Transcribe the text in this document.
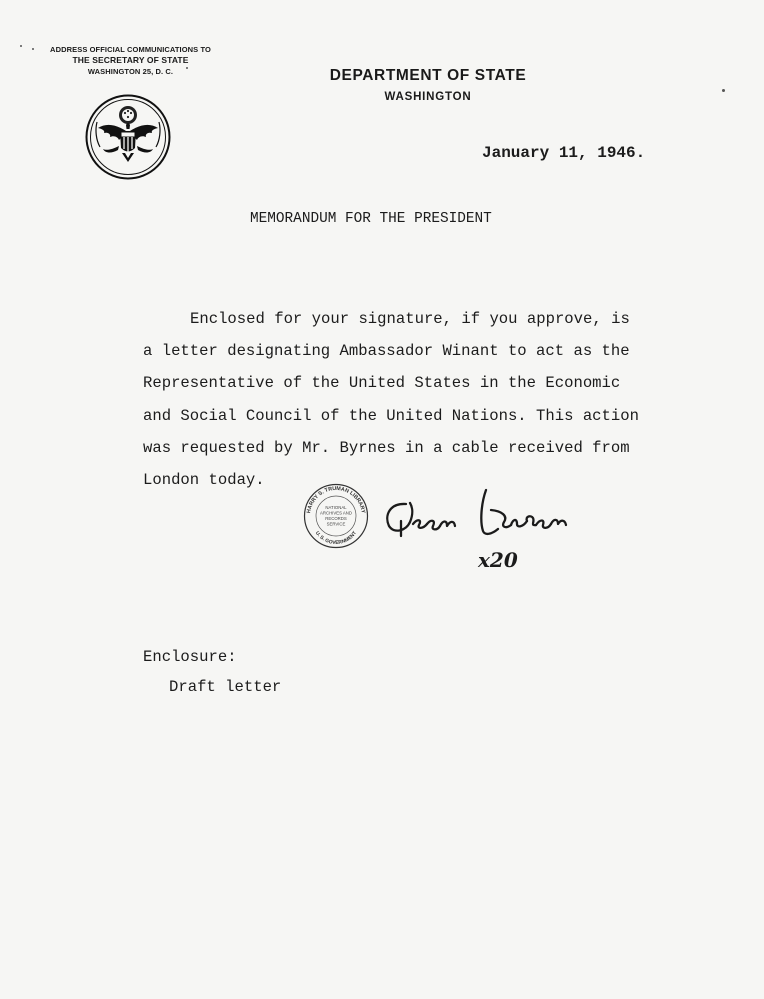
ADDRESS OFFICIAL COMMUNICATIONS TO
THE SECRETARY OF STATE
WASHINGTON 25, D. C.	DEPARTMENT OF STATE
WASHINGTON
January 11, 1946.
MEMORANDUM FOR THE PRESIDENT
Enclosed for your signature, if you approve, is
a letter designating Ambassador Winant to act as the
Representative of the United States in the Economic
and Social Council of the United Nations. This action
was requested by Mr. Byrnes in a cable received from
London today.
HARRY S. TRUMAN LIBRARY
U. S. GOVERNMENT
NATIONAL
ARCHIVES AND
RECORDS
SERVICE
x20
Enclosure:
Draft letter
